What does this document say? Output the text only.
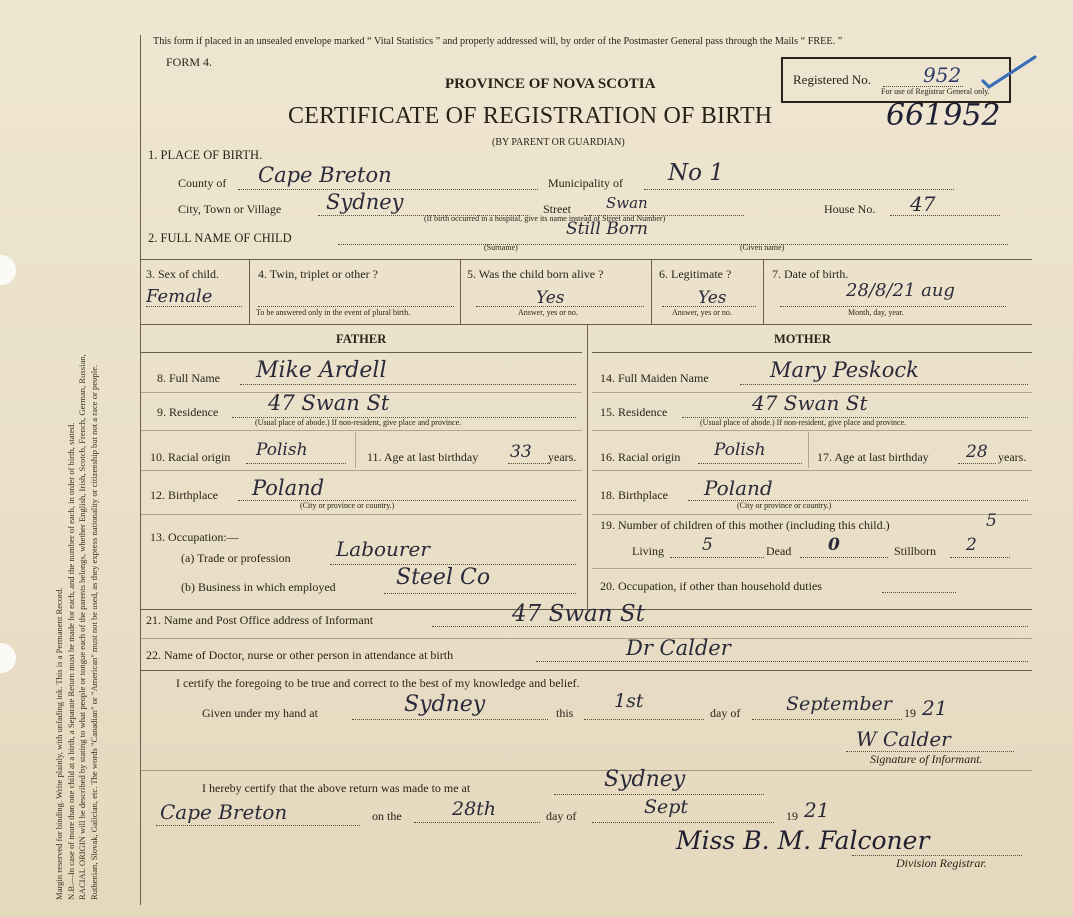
Margin reserved for binding. Write plainly, with unfading ink. This is a Permanent Record. N.B.—In case of more than one child at a birth, a Separate Return must be made for each, and the number of each, in order of birth, stated. RACIAL ORIGIN will be described by stating to what people or tongue each of the parents belongs, whether English, Irish, Scotch, French, German, Russian, Ruthenian, Slovak, Galician, etc. The words "Canadian" or "American" must not be used, as they express nationality or citizenship but not a race or people.
This form if placed in an unsealed envelope marked “ Vital Statistics ” and properly addressed will, by order of the Postmaster General pass through the Mails “ FREE. ”
FORM 4.
PROVINCE OF NOVA SCOTIA
CERTIFICATE OF REGISTRATION OF BIRTH	661952
(BY PARENT OR GUARDIAN)
Registered No.	952
For use of Registrar General only.
1. PLACE OF BIRTH.
County of Cape Breton	Municipality of No 1
City, Town or Village Sydney	Street Swan	House No. 47
(If birth occurred in a hospital, give its name instead of Street and Number)
2. FULL NAME OF CHILD	Still Born
(Surname)	(Given name)
3. Sex of child.
Female
4. Twin, triplet or other ?
To be answered only in the event of plural birth.
5. Was the child born alive ?
Yes
Answer, yes or no.
6. Legitimate ?
Yes
Answer, yes or no.
7. Date of birth.
28/8/21 aug
Month, day, year.
FATHER	MOTHER
8. Full Name Mike Ardell
9. Residence 47 Swan St
(Usual place of abode.) If non-resident, give place and province.
10. Racial origin Polish	11. Age at last birthday 33 years.
12. Birthplace Poland
(City or province or country.)
13. Occupation:—
(a) Trade or profession Labourer
(b) Business in which employed	Steel Co
14. Full Maiden Name	Mary Peskock
15. Residence	47 Swan St
(Usual place of abode.) If non-resident, give place and province.
16. Racial origin Polish	17. Age at last birthday 28 years.
18. Birthplace Poland
(City or province or country.)
19. Number of children of this mother (including this child.)	5
Living 5	Dead 0	Stillborn 2
20. Occupation, if other than household duties
21. Name and Post Office address of Informant	47 Swan St
22. Name of Doctor, nurse or other person in attendance at birth	Dr Calder
I certify the foregoing to be true and correct to the best of my knowledge and belief.
Given under my hand at	Sydney	this
1st
day of September 19 21
W Calder
Signature of Informant.
I hereby certify that the above return was made to me at	Sydney
Cape Breton	on the	28th	day of	Sept	19 21
Miss B. M. Falconer
Division Registrar.
